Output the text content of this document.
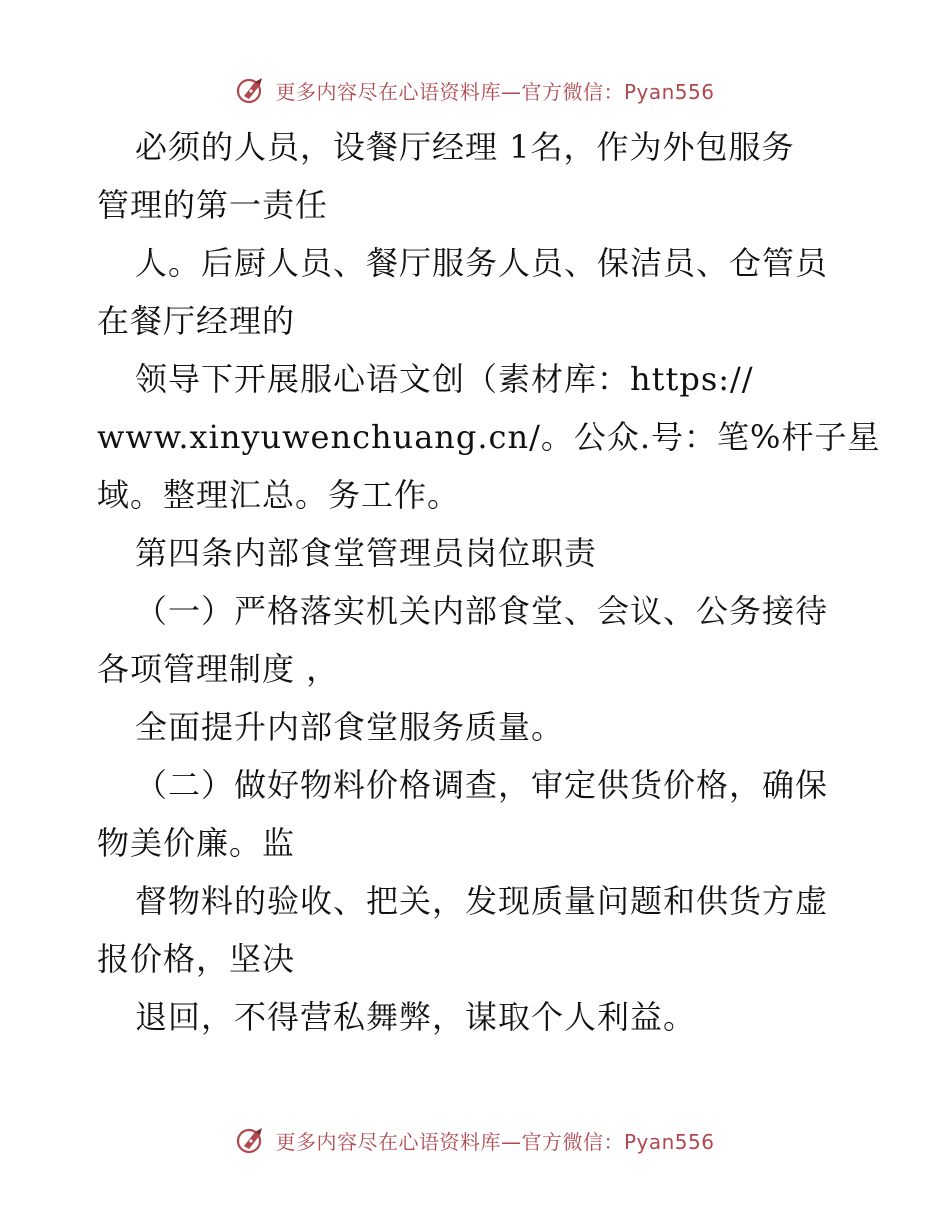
更多内容尽在心语资料库—官方微信：Pyan556
必须的人员，设餐厅经理 1名，作为外包服务
管理的第一责任
人。后厨人员、餐厅服务人员、保洁员、仓管员
在餐厅经理的
领导下开展服心语文创（素材库：https://
www.xinyuwenchuang.cn/。公众.号：笔%杆子星
域。整理汇总。务工作。
第四条内部食堂管理员岗位职责
（一）严格落实机关内部食堂、会议、公务接待
各项管理制度 ，
全面提升内部食堂服务质量。
（二）做好物料价格调查，审定供货价格，确保
物美价廉。监
督物料的验收、把关，发现质量问题和供货方虚
报价格，坚决
退回，不得营私舞弊，谋取个人利益。
更多内容尽在心语资料库—官方微信：Pyan556
